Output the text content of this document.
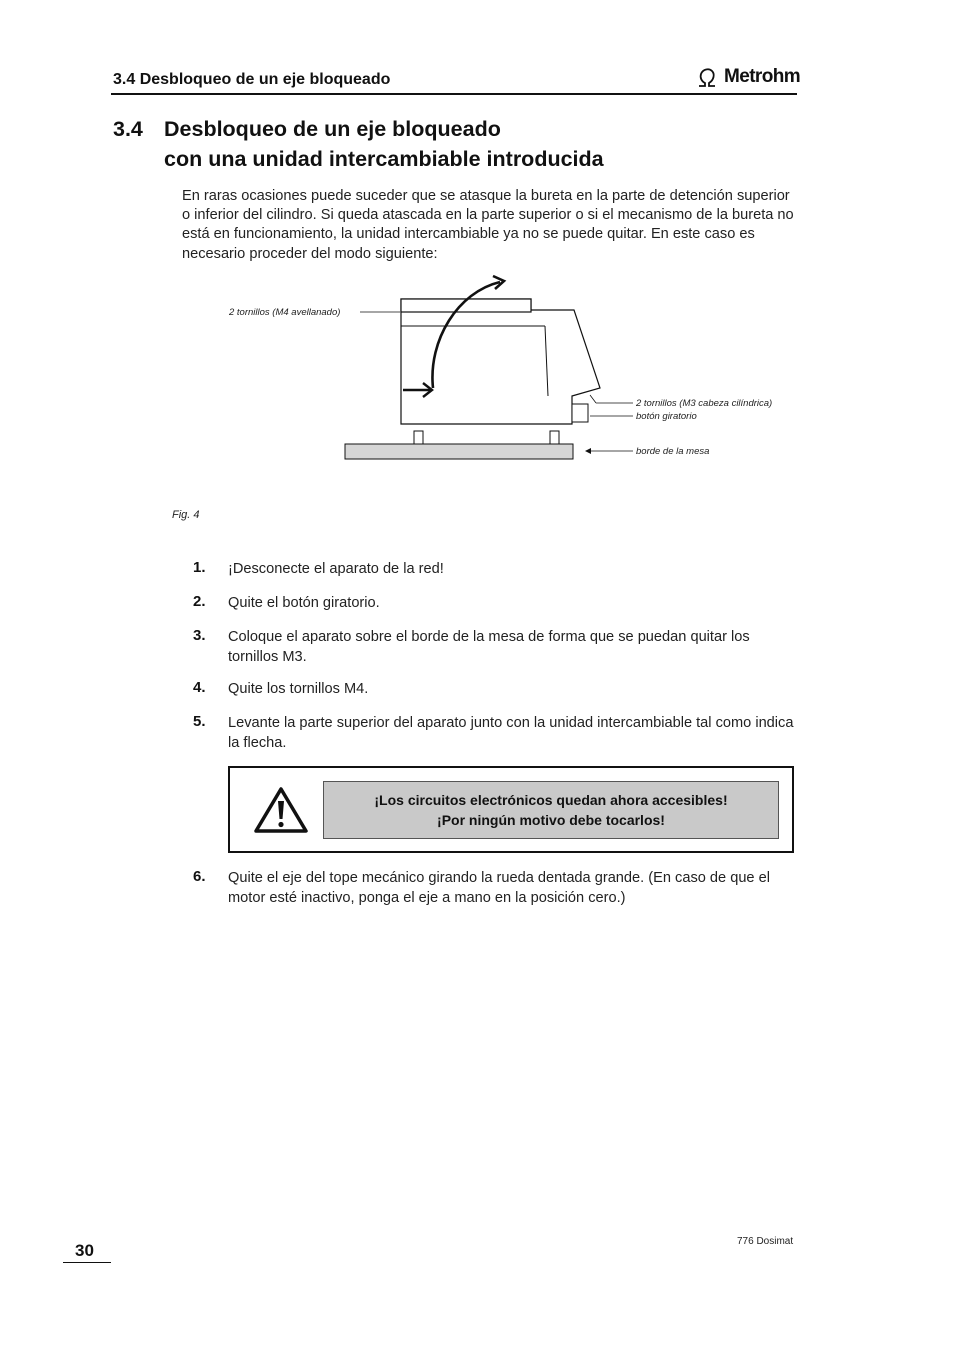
3.4 Desbloqueo de un eje bloqueado	Metrohm
3.4 Desbloqueo de un eje bloqueado
con una unidad intercambiable introducida
En raras ocasiones puede suceder que se atasque la bureta en la parte de detención superior o inferior del cilindro. Si queda atascada en la parte superior o si el mecanismo de la bureta no está en funcionamiento, la unidad intercambiable ya no se puede quitar. En este caso es necesario proceder del modo siguiente:
2 tornillos (M4 avellanado)
2 tornillos (M3 cabeza cilíndrica)
botón giratorio
borde de la mesa
Fig. 4
1. ¡Desconecte el aparato de la red!
2. Quite el botón giratorio.
3. Coloque el aparato sobre el borde de la mesa de forma que se puedan quitar los tornillos M3.
4. Quite los tornillos M4.
5. Levante la parte superior del aparato junto con la unidad intercambiable tal como indica la flecha.
¡Los circuitos electrónicos quedan ahora accesibles!
¡Por ningún motivo debe tocarlos!
6. Quite el eje del tope mecánico girando la rueda dentada grande. (En caso de que el motor esté inactivo, ponga el eje a mano en la posición cero.)
30	776 Dosimat
